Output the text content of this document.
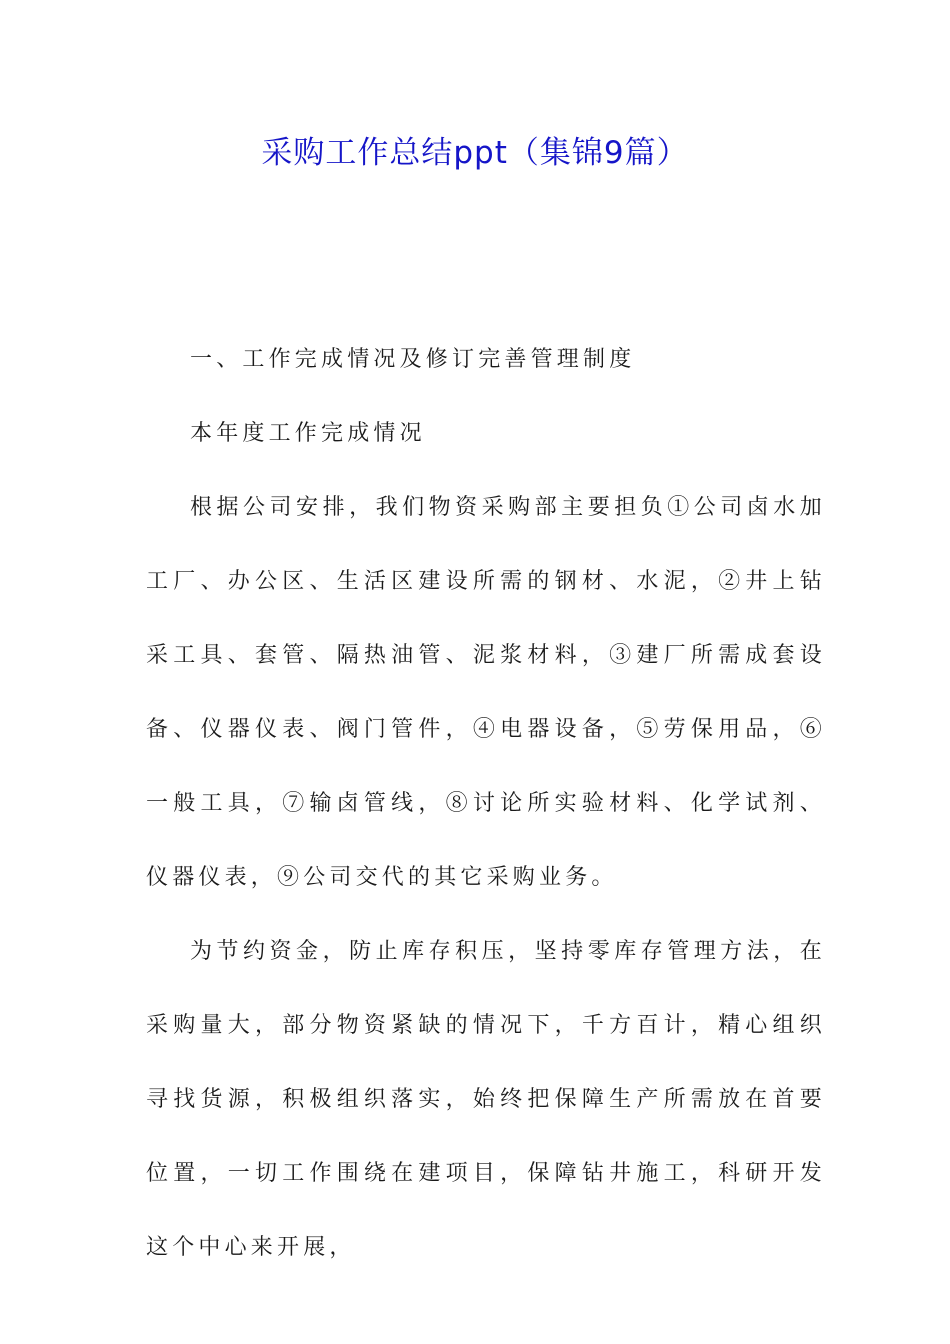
采购工作总结ppt（集锦9篇）

一、工作完成情况及修订完善管理制度

本年度工作完成情况

根据公司安排，我们物资采购部主要担负①公司卤水加工厂、办公区、生活区建设所需的钢材、水泥，②井上钻采工具、套管、隔热油管、泥浆材料，③建厂所需成套设备、仪器仪表、阀门管件，④电器设备，⑤劳保用品，⑥一般工具，⑦输卤管线，⑧讨论所实验材料、化学试剂、仪器仪表，⑨公司交代的其它采购业务。

为节约资金，防止库存积压，坚持零库存管理方法，在采购量大，部分物资紧缺的情况下，千方百计，精心组织寻找货源，积极组织落实，始终把保障生产所需放在首要位置，一切工作围绕在建项目，保障钻井施工，科研开发这个中心来开展，
